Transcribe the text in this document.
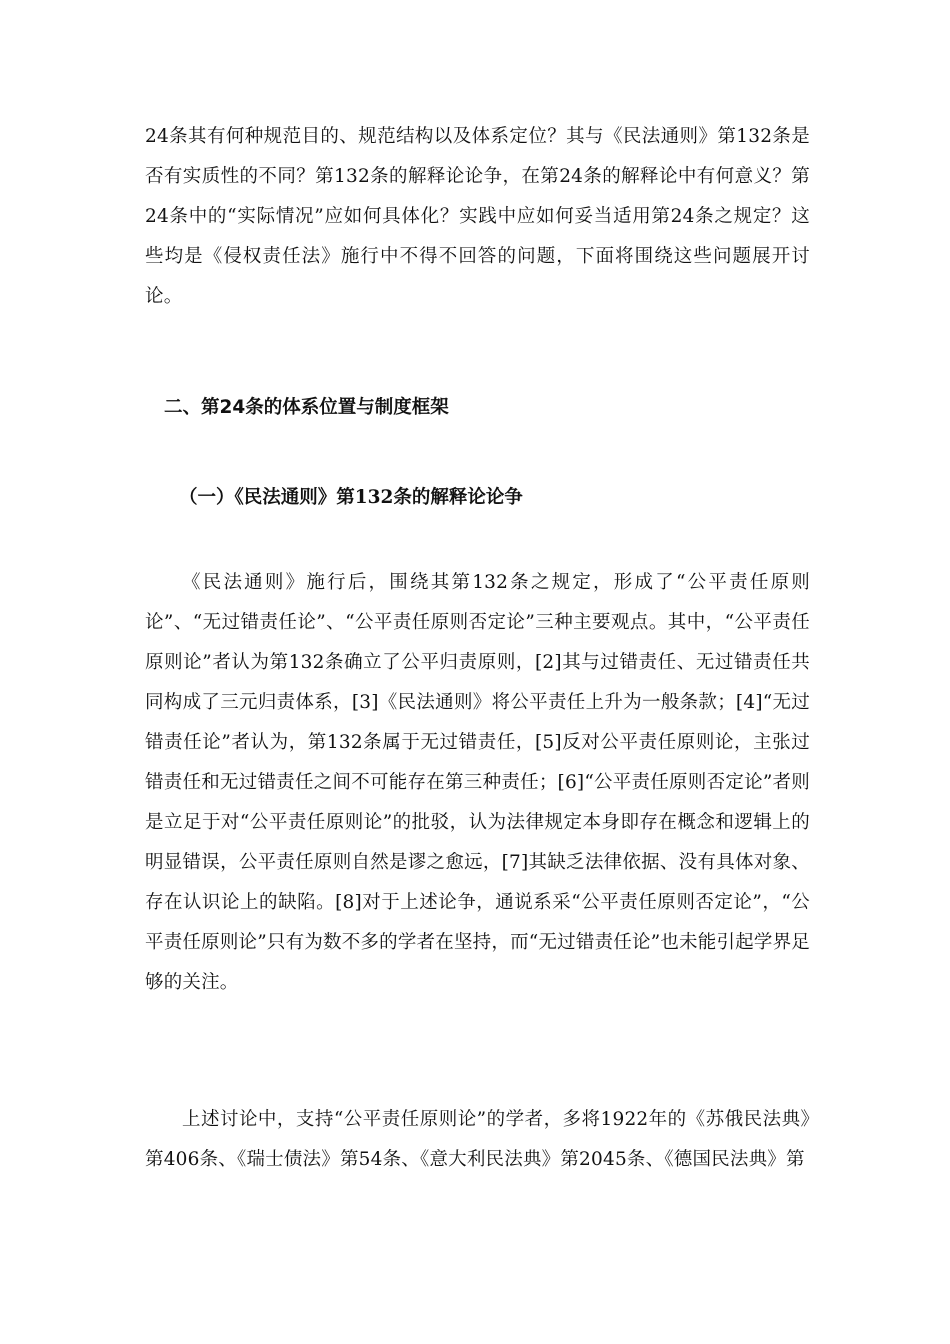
24条其有何种规范目的、规范结构以及体系定位？其与《民法通则》第132条是否有实质性的不同？第132条的解释论论争，在第24条的解释论中有何意义？第24条中的“实际情况”应如何具体化？实践中应如何妥当适用第24条之规定？这些均是《侵权责任法》施行中不得不回答的问题，下面将围绕这些问题展开讨论。

二、第24条的体系位置与制度框架
（一）《民法通则》第132条的解释论论争

《民法通则》施行后，围绕其第132条之规定，形成了“公平责任原则论”、“无过错责任论”、“公平责任原则否定论”三种主要观点。其中，“公平责任原则论”者认为第132条确立了公平归责原则，[2]其与过错责任、无过错责任共同构成了三元归责体系，[3]《民法通则》将公平责任上升为一般条款；[4]“无过错责任论”者认为，第132条属于无过错责任，[5]反对公平责任原则论，主张过错责任和无过错责任之间不可能存在第三种责任；[6]“公平责任原则否定论”者则是立足于对“公平责任原则论”的批驳，认为法律规定本身即存在概念和逻辑上的明显错误，公平责任原则自然是谬之愈远，[7]其缺乏法律依据、没有具体对象、存在认识论上的缺陷。[8]对于上述论争，通说系采“公平责任原则否定论”，“公平责任原则论”只有为数不多的学者在坚持，而“无过错责任论”也未能引起学界足够的关注。

上述讨论中，支持“公平责任原则论”的学者，多将1922年的《苏俄民法典》第406条、《瑞士债法》第54条、《意大利民法典》第2045条、《德国民法典》第
